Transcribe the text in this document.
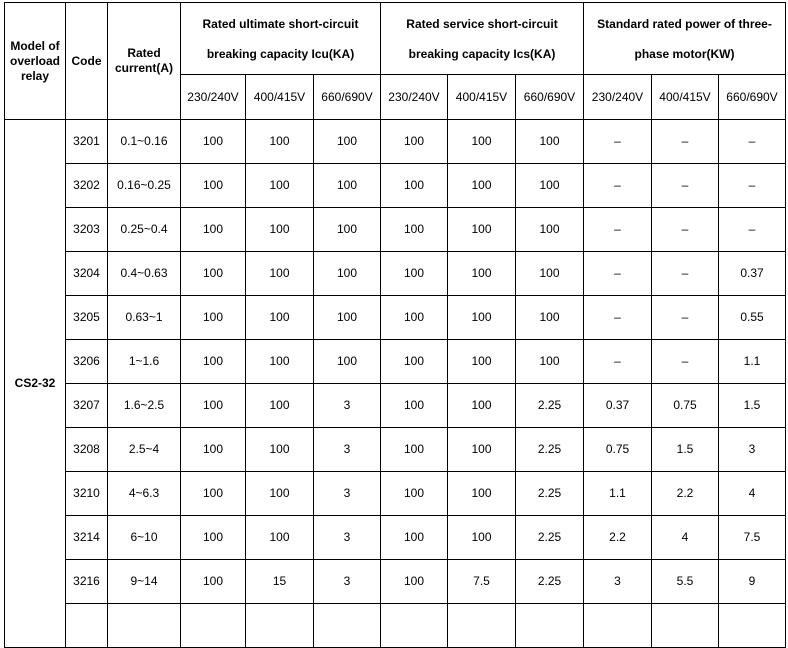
Model of overload relay	Code	Rated current(A)	Rated ultimate short-circuit breaking capacity Icu(KA)			Rated service short-circuit breaking capacity Ics(KA)			Standard rated power of three-phase motor(KW)		
			230/240V	400/415V	660/690V	230/240V	400/415V	660/690V	230/240V	400/415V	660/690V
CS2-32	3201	0.1~0.16	100	100	100	100	100	100	–	–	–
	3202	0.16~0.25	100	100	100	100	100	100	–	–	–
	3203	0.25~0.4	100	100	100	100	100	100	–	–	–
	3204	0.4~0.63	100	100	100	100	100	100	–	–	0.37
	3205	0.63~1	100	100	100	100	100	100	–	–	0.55
	3206	1~1.6	100	100	100	100	100	100	–	–	1.1
	3207	1.6~2.5	100	100	3	100	100	2.25	0.37	0.75	1.5
	3208	2.5~4	100	100	3	100	100	2.25	0.75	1.5	3
	3210	4~6.3	100	100	3	100	100	2.25	1.1	2.2	4
	3214	6~10	100	100	3	100	100	2.25	2.2	4	7.5
	3216	9~14	100	15	3	100	7.5	2.25	3	5.5	9
